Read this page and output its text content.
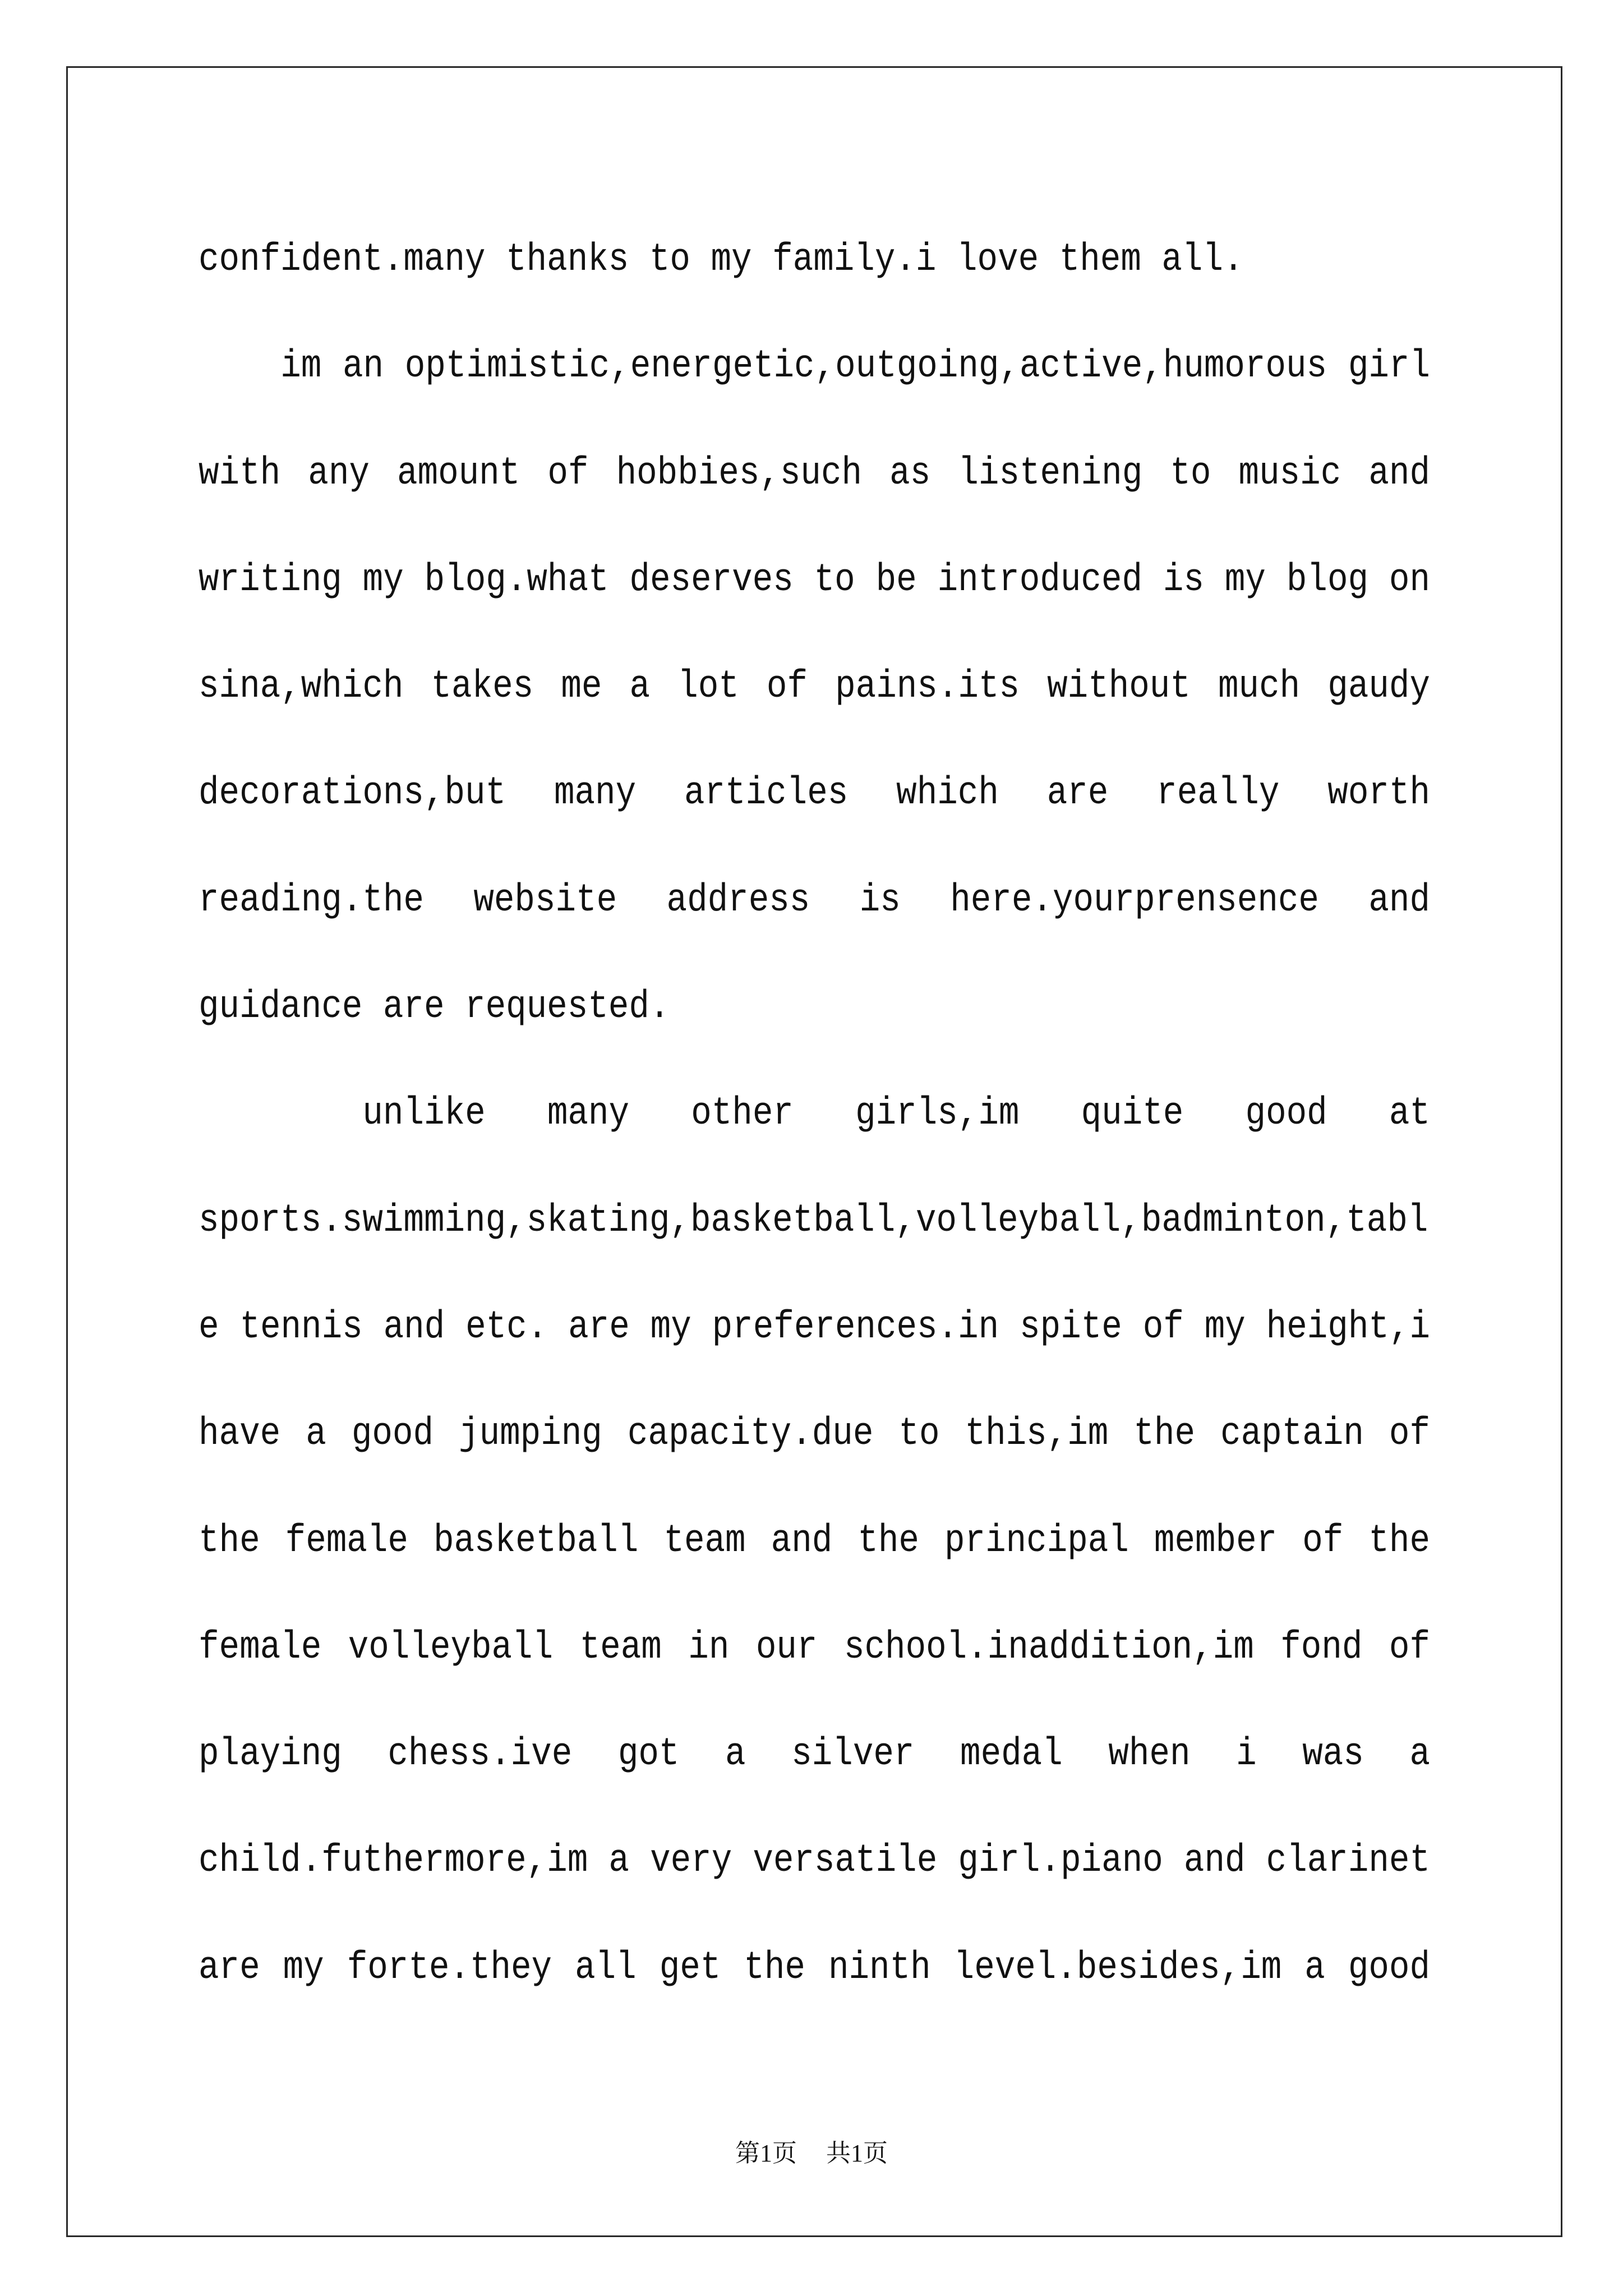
confident.many thanks to my family.i love them all.
im an optimistic,energetic,outgoing,active,humorous girl
with any amount of hobbies,such as listening to music and
writing my blog.what deserves to be introduced is my blog on
sina,which takes me a lot of pains.its without much gaudy
decorations,but many articles which are really worth
reading.the website address is here.yourprensence and
guidance are requested.
unlike many other girls,im quite good at
sports.swimming,skating,basketball,volleyball,badminton,tabl
e tennis and etc. are my preferences.in spite of my height,i
have a good jumping capacity.due to this,im the captain of
the female basketball team and the principal member of the
female volleyball team in our school.inaddition,im fond of
playing chess.ive got a silver medal when i was a
child.futhermore,im a very versatile girl.piano and clarinet
are my forte.they all get the ninth level.besides,im a good
第1页 共1页
